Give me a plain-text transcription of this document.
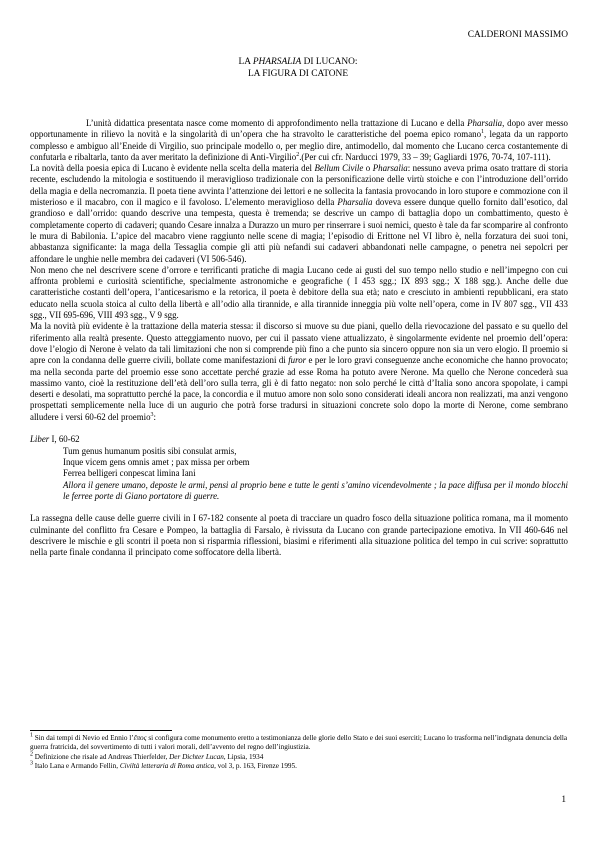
CALDERONI MASSIMO
LA PHARSALIA DI LUCANO:
LA FIGURA DI CATONE

L’unità didattica presentata nasce come momento di approfondimento nella trattazione di Lucano e della Pharsalia, dopo aver messo opportunamente in rilievo la novità e la singolarità di un’opera che ha stravolto le caratteristiche del poema epico romano$^1$, legata da un rapporto complesso e ambiguo all’Eneide di Virgilio, suo principale modello o, per meglio dire, antimodello, dal momento che Lucano cerca costantemente di confutarla e ribaltarla, tanto da aver meritato la definizione di Anti-Virgilio$^2$.(Per cui cfr. Narducci 1979, 33 – 39; Gagliardi 1976, 70-74, 107-111).

La novità della poesia epica di Lucano è evidente nella scelta della materia del Bellum Civile o Pharsalia: nessuno aveva prima osato trattare di storia recente, escludendo la mitologia e sostituendo il meraviglioso tradizionale con la personificazione delle virtù stoiche e con l’introduzione dell’orrido della magia e della necromanzia. Il poeta tiene avvinta l’attenzione dei lettori e ne sollecita la fantasia provocando in loro stupore e commozione con il misterioso e il macabro, con il magico e il favoloso. L’elemento meraviglioso della Pharsalia doveva essere dunque quello fornito dall’esotico, dal grandioso e dall’orrido: quando descrive una tempesta, questa è tremenda; se descrive un campo di battaglia dopo un combattimento, questo è completamente coperto di cadaveri; quando Cesare innalza a Durazzo un muro per rinserrare i suoi nemici, questo è tale da far scomparire al confronto le mura di Babilonia. L’apice del macabro viene raggiunto nelle scene di magia; l’episodio di Erittone nel VI libro è, nella forzatura dei suoi toni, abbastanza significante: la maga della Tessaglia compie gli atti più nefandi sui cadaveri abbandonati nelle campagne, o penetra nei sepolcri per affondare le unghie nelle membra dei cadaveri (VI 506-546).

Non meno che nel descrivere scene d’orrore e terrificanti pratiche di magia Lucano cede ai gusti del suo tempo nello studio e nell’impegno con cui affronta problemi e curiosità scientifiche, specialmente astronomiche e geografiche ( I 453 sgg.; IX 893 sgg.; X 188 sgg.). Anche delle due caratteristiche costanti dell’opera, l’anticesarismo e la retorica, il poeta è debitore della sua età; nato e cresciuto in ambienti repubblicani, era stato educato nella scuola stoica al culto della libertà e all’odio alla tirannide, e alla tirannide inneggia più volte nell’opera, come in IV 807 sgg., VII 433 sgg., VII 695-696, VIII 493 sgg., V 9 sgg.

Ma la novità più evidente è la trattazione della materia stessa: il discorso si muove su due piani, quello della rievocazione del passato e su quello del riferimento alla realtà presente. Questo atteggiamento nuovo, per cui il passato viene attualizzato, è singolarmente evidente nel proemio dell’opera: dove l’elogio di Nerone è velato da tali limitazioni che non si comprende più fino a che punto sia sincero oppure non sia un vero elogio. Il proemio si apre con la condanna delle guerre civili, bollate come manifestazioni di furor e per le loro gravi conseguenze anche economiche che hanno provocato; ma nella seconda parte del proemio esse sono accettate perché grazie ad esse Roma ha potuto avere Nerone. Ma quello che Nerone concederà sua massimo vanto, cioè la restituzione dell’età dell’oro sulla terra, gli è di fatto negato: non solo perché le città d’Italia sono ancora spopolate, i campi deserti e desolati, ma soprattutto perché la pace, la concordia e il mutuo amore non solo sono considerati ideali ancora non realizzati, ma anzi vengono prospettati semplicemente nella luce di un augurio che potrà forse tradursi in situazioni concrete solo dopo la morte di Nerone, come sembrano alludere i versi 60-62 del proemio$^3$:

Liber I, 60-62

Tum genus humanum positis sibi consulat armis,

Inque vicem gens omnis amet ; pax missa per orbem

Ferrea belligeri conpescat limina Iani

Allora il genere umano, deposte le armi, pensi al proprio bene e tutte le genti s’amino vicendevolmente ; la pace diffusa per il mondo blocchi le ferree porte di Giano portatore di guerre.

La rassegna delle cause delle guerre civili in I 67-182 consente al poeta di tracciare un quadro fosco della situazione politica romana, ma il momento culminante del conflitto fra Cesare e Pompeo, la battaglia di Farsalo, è rivissuta da Lucano con grande partecipazione emotiva. In VII 460-646 nel descrivere le mischie e gli scontri il poeta non si risparmia riflessioni, biasimi e riferimenti alla situazione politica del tempo in cui scrive: soprattutto nella parte finale condanna il principato come soffocatore della libertà.

$^1$ Sin dai tempi di Nevio ed Ennio l’ἔπος si configura come monumento eretto a testimonianza delle glorie dello Stato e dei suoi eserciti; Lucano lo trasforma nell’indignata denuncia della guerra fratricida, del sovvertimento di tutti i valori morali, dell’avvento del regno dell’ingiustizia.

$^2$ Definizione che risale ad Andreas Thierfelder, Der Dichter Lucan, Lipsia, 1934

$^3$ Italo Lana e Armando Fellin, Civiltà letteraria di Roma antica, vol 3, p. 163, Firenze 1995.

1
